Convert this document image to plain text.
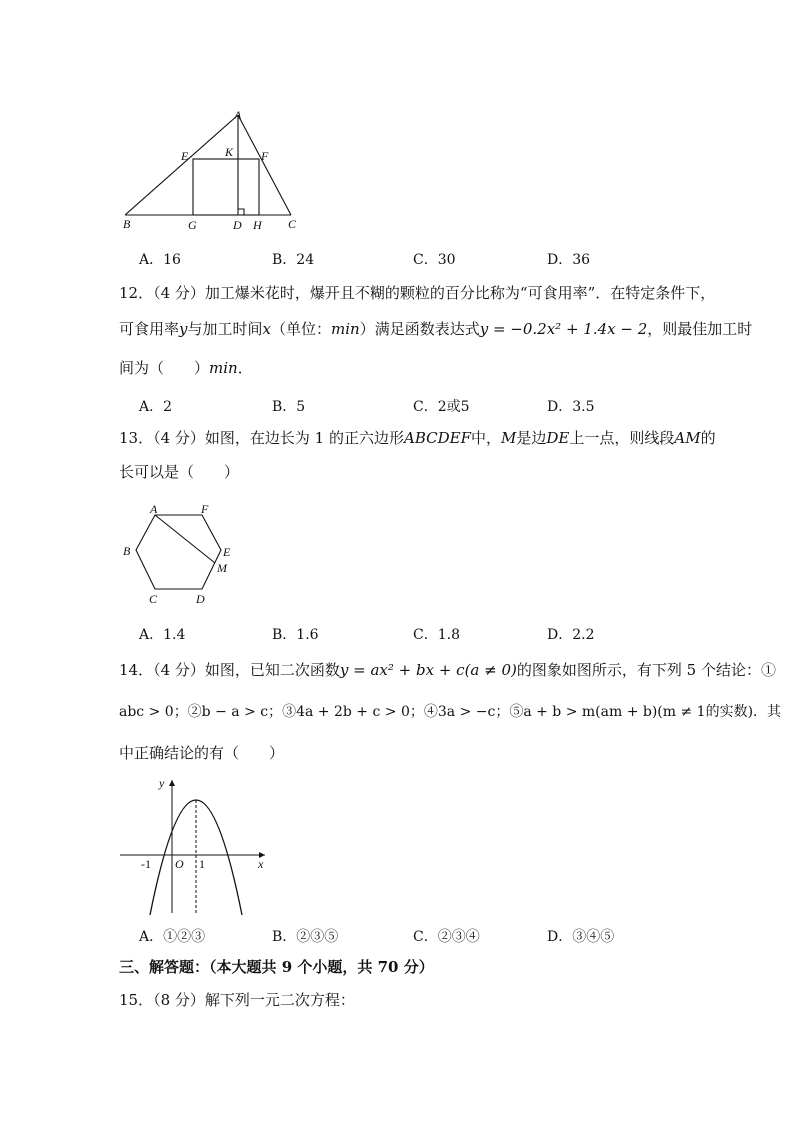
A
E	K F
B	G	D H C
A．16	B．24	C．30	D．36
12．（4 分）加工爆米花时，爆开且不糊的颗粒的百分比称为“可食用率”．在特定条件下，
可食用率y与加工时间x（单位：min）满足函数表达式y = −0.2x² + 1.4x − 2，则最佳加工时
间为（　　）min．
A．2	B．5	C．2或5	D．3.5
13．（4 分）如图，在边长为 1 的正六边形ABCDEF中，M是边DE上一点，则线段AM的
长可以是（　　）
A	F
B	E
M
C	D
A．1.4	B．1.6	C．1.8	D．2.2
14．（4 分）如图，已知二次函数y = ax² + bx + c(a ≠ 0)的图象如图所示，有下列 5 个结论：①
abc > 0；②b − a > c；③4a + 2b + c > 0；④3a > −c；⑤a + b > m(am + b)(m ≠ 1的实数)．其
中正确结论的有（　　）
y
x
-1 O 1
A．①②③	B．②③⑤	C．②③④	D．③④⑤
三、解答题：（本大题共 9 个小题，共 70 分）
15．（8 分）解下列一元二次方程：
